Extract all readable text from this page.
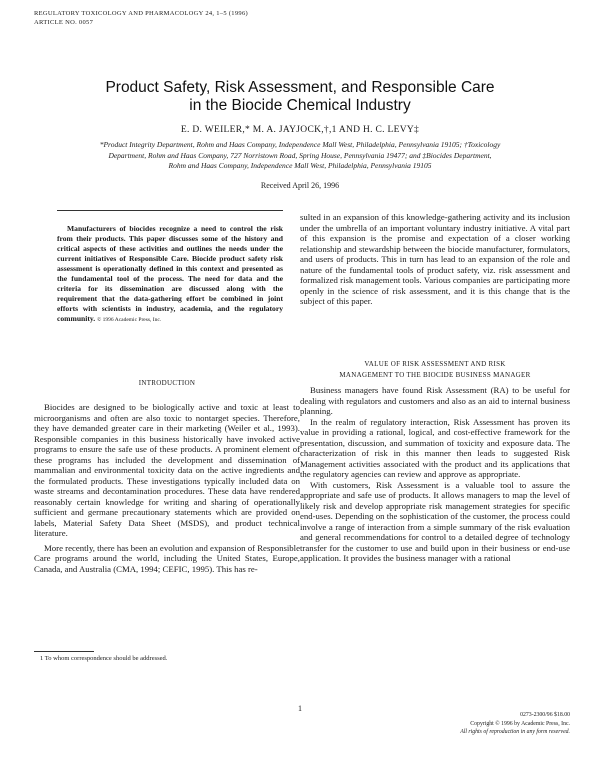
REGULATORY TOXICOLOGY AND PHARMACOLOGY 24, 1–5 (1996)
ARTICLE NO. 0057
Product Safety, Risk Assessment, and Responsible Care
in the Biocide Chemical Industry
E. D. WEILER,* M. A. JAYJOCK,†,1 AND H. C. LEVY‡
*Product Integrity Department, Rohm and Haas Company, Independence Mall West, Philadelphia, Pennsylvania 19105; †Toxicology
Department, Rohm and Haas Company, 727 Norristown Road, Spring House, Pennsylvania 19477; and ‡Biocides Department,
Rohm and Haas Company, Independence Mall West, Philadelphia, Pennsylvania 19105
Received April 26, 1996

Manufacturers of biocides recognize a need to control the risk from their products. This paper discusses some of the history and critical aspects of these activities and outlines the needs under the current initiatives of Responsible Care. Biocide product safety risk assessment is operationally defined in this context and presented as the fundamental tool of the process. The need for data and the criteria for its dissemination are discussed along with the requirement that the data-gathering effort be combined in joint efforts with scientists in industry, academia, and the regulatory community. © 1996 Academic Press, Inc.

INTRODUCTION

Biocides are designed to be biologically active and toxic at least to microorganisms and often are also toxic to nontarget species. Therefore, they have demanded greater care in their marketing (Weiler et al., 1993). Responsible companies in this business historically have invoked active programs to ensure the safe use of these products. A prominent element of these programs has included the development and dissemination of mammalian and environmental toxicity data on the active ingredients and the formulated products. These investigations typically included data on waste streams and decontamination procedures. These data have rendered reasonably certain knowledge for writing and sharing of operationally sufficient and germane precautionary statements which are provided on labels, Material Safety Data Sheet (MSDS), and product technical literature.

More recently, there has been an evolution and expansion of Responsible Care programs around the world, including the United States, Europe, Canada, and Australia (CMA, 1994; CEFIC, 1995). This has re-

sulted in an expansion of this knowledge-gathering activity and its inclusion under the umbrella of an important voluntary industry initiative. A vital part of this expansion is the promise and expectation of a closer working relationship and stewardship between the biocide manufacturer, formulators, and users of products. This in turn has lead to an expansion of the role and nature of the fundamental tools of product safety, viz. risk assessment and formalized risk management tools. Various companies are participating more openly in the science of risk assessment, and it is this change that is the subject of this paper.

VALUE OF RISK ASSESSMENT AND RISK
MANAGEMENT TO THE BIOCIDE BUSINESS MANAGER

Business managers have found Risk Assessment (RA) to be useful for dealing with regulators and customers and also as an aid to internal business planning.

In the realm of regulatory interaction, Risk Assessment has proven its value in providing a rational, logical, and cost-effective framework for the presentation, discussion, and summation of toxicity and exposure data. The characterization of risk in this manner then leads to suggested Risk Management activities associated with the product and its applications that the regulatory agencies can review and approve as appropriate.

With customers, Risk Assessment is a valuable tool to assure the appropriate and safe use of products. It allows managers to map the level of likely risk and develop appropriate risk management strategies for specific end-uses. Depending on the sophistication of the customer, the process could involve a range of interaction from a simple summary of the risk evaluation and general recommendations for control to a detailed degree of technology transfer for the customer to use and build upon in their business or end-use application. It provides the business manager with a rational

1 To whom correspondence should be addressed.
1
0273-2300/96 $18.00
Copyright © 1996 by Academic Press, Inc.
All rights of reproduction in any form reserved.
